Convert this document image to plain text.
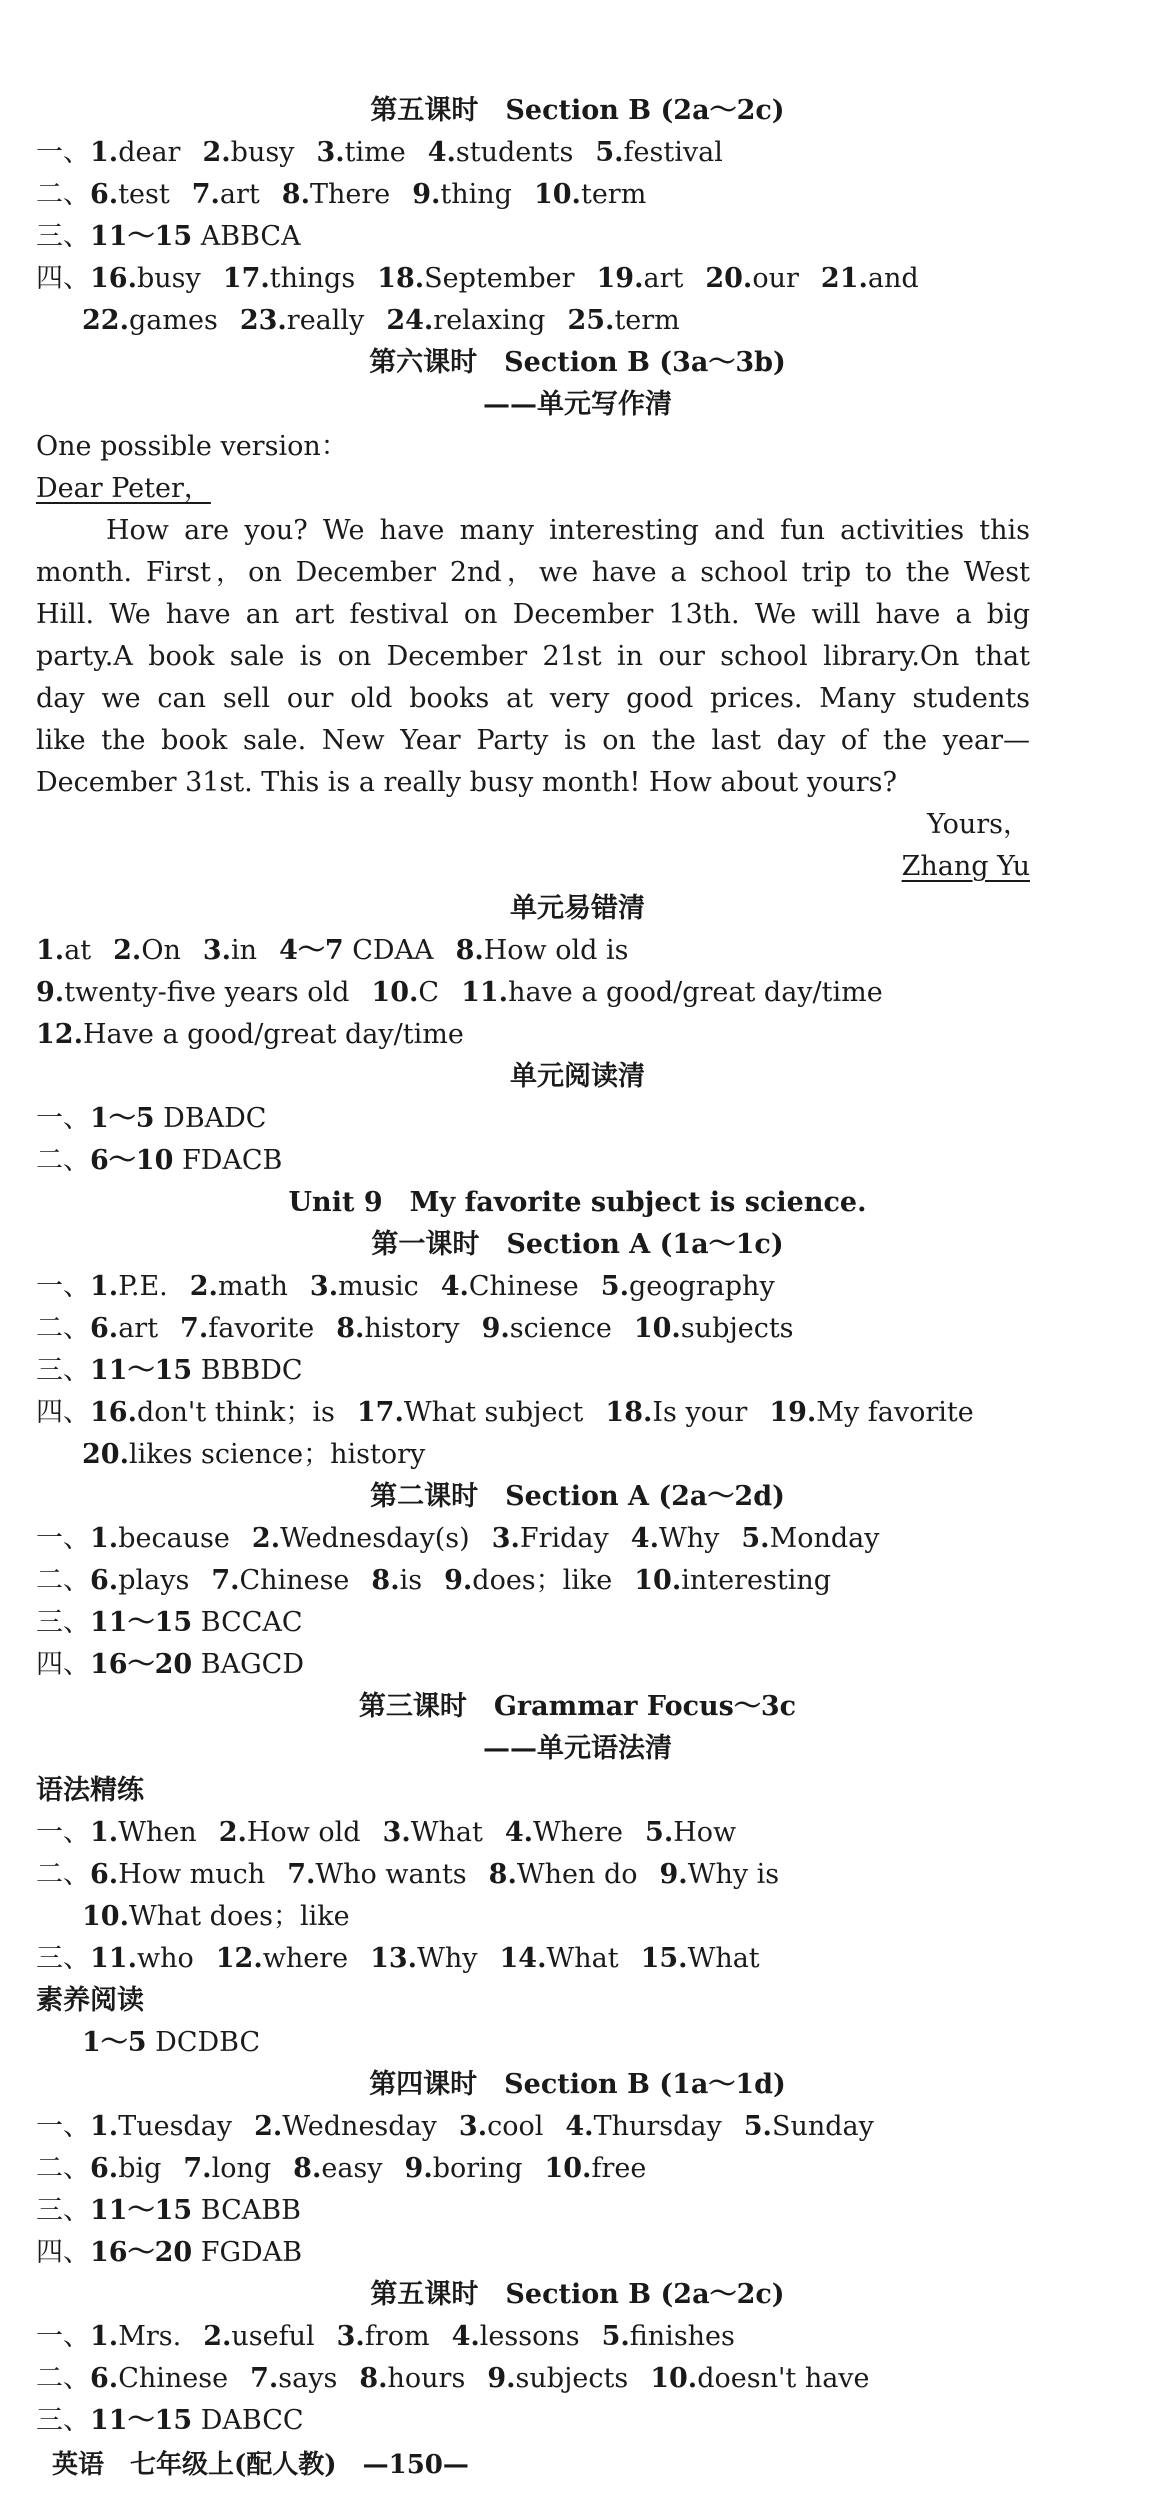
第五课时　Section B (2a～2c)
一、1.dear 2.busy 3.time 4.students 5.festival
二、6.test 7.art 8.There 9.thing 10.term
三、11～15 ABBCA
四、16.busy 17.things 18.September 19.art 20.our 21.and
22.games 23.really 24.relaxing 25.term
第六课时　Section B (3a～3b)
——单元写作清
One possible version：
Dear Peter，
How are you? We have many interesting and fun activities this
month. First，on December 2nd，we have a school trip to the West
Hill. We have an art festival on December 13th. We will have a big
party.A book sale is on December 21st in our school library.On that
day we can sell our old books at very good prices. Many students
like the book sale. New Year Party is on the last day of the year—
December 31st. This is a really busy month! How about yours?
Yours，
Zhang Yu
单元易错清
1.at 2.On 3.in 4～7 CDAA 8.How old is
9.twenty-five years old 10.C 11.have a good/great day/time
12.Have a good/great day/time
单元阅读清
一、1～5 DBADC
二、6～10 FDACB
Unit 9　My favorite subject is science.
第一课时　Section A (1a～1c)
一、1.P.E. 2.math 3.music 4.Chinese 5.geography
二、6.art 7.favorite 8.history 9.science 10.subjects
三、11～15 BBBDC
四、16.don't think；is 17.What subject 18.Is your 19.My favorite
20.likes science；history
第二课时　Section A (2a～2d)
一、1.because 2.Wednesday(s) 3.Friday 4.Why 5.Monday
二、6.plays 7.Chinese 8.is 9.does；like 10.interesting
三、11～15 BCCAC
四、16～20 BAGCD
第三课时　Grammar Focus～3c
——单元语法清
语法精练
一、1.When 2.How old 3.What 4.Where 5.How
二、6.How much 7.Who wants 8.When do 9.Why is
10.What does；like
三、11.who 12.where 13.Why 14.What 15.What
素养阅读
1～5 DCDBC
第四课时　Section B (1a～1d)
一、1.Tuesday 2.Wednesday 3.cool 4.Thursday 5.Sunday
二、6.big 7.long 8.easy 9.boring 10.free
三、11～15 BCABB
四、16～20 FGDAB
第五课时　Section B (2a～2c)
一、1.Mrs. 2.useful 3.from 4.lessons 5.finishes
二、6.Chinese 7.says 8.hours 9.subjects 10.doesn't have
三、11～15 DABCC
英语　七年级上(配人教)　—150—
